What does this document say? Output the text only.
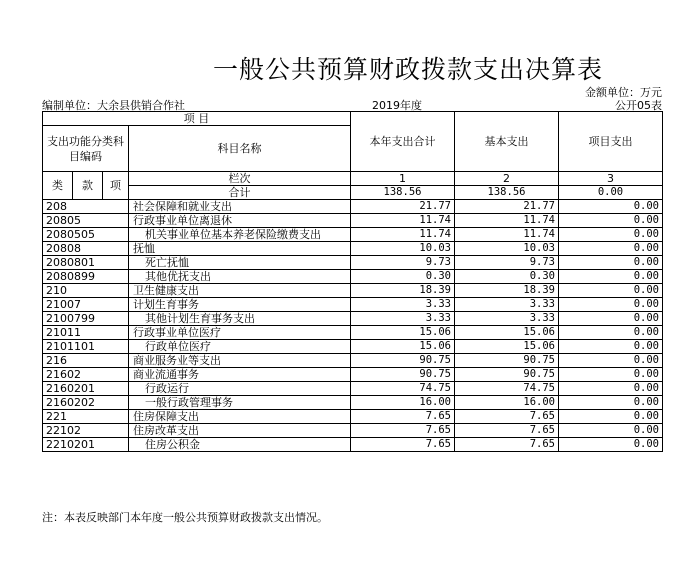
一般公共预算财政拨款支出决算表
金额单位：万元
编制单位：大余县供销合作社	2019年度	公开05表
项 目				本年支出合计	基本支出	项目支出
支出功能分类科目编码			科目名称			

类	款	项	栏次	1	2	3
			合计	138.56	138.56	0.00
208			社会保障和就业支出	21.77	21.77	0.00
20805			行政事业单位离退休	11.74	11.74	0.00
2080505			机关事业单位基本养老保险缴费支出	11.74	11.74	0.00
20808			抚恤	10.03	10.03	0.00
2080801			死亡抚恤	9.73	9.73	0.00
2080899			其他优抚支出	0.30	0.30	0.00
210			卫生健康支出	18.39	18.39	0.00
21007			计划生育事务	3.33	3.33	0.00
2100799			其他计划生育事务支出	3.33	3.33	0.00
21011			行政事业单位医疗	15.06	15.06	0.00
2101101			行政单位医疗	15.06	15.06	0.00
216			商业服务业等支出	90.75	90.75	0.00
21602			商业流通事务	90.75	90.75	0.00
2160201			行政运行	74.75	74.75	0.00
2160202			一般行政管理事务	16.00	16.00	0.00
221			住房保障支出	7.65	7.65	0.00
22102			住房改革支出	7.65	7.65	0.00
2210201			住房公积金	7.65	7.65	0.00
注：本表反映部门本年度一般公共预算财政拨款支出情况。
